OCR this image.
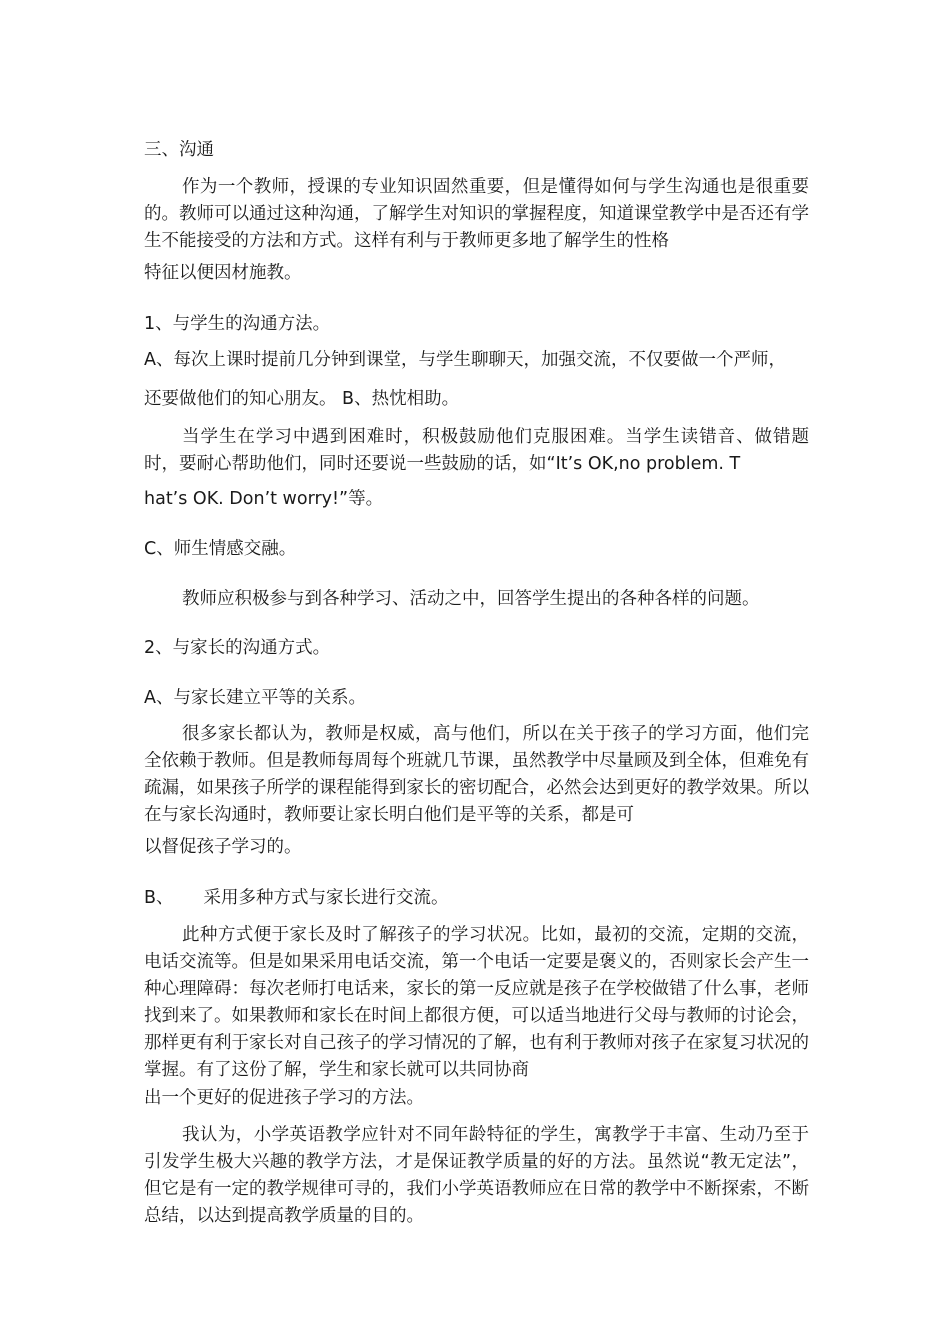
三、沟通

作为一个教师，授课的专业知识固然重要，但是懂得如何与学生沟通也是很重要的。教师可以通过这种沟通，了解学生对知识的掌握程度，知道课堂教学中是否还有学生不能接受的方法和方式。这样有利与于教师更多地了解学生的性格

特征以便因材施教。

1、与学生的沟通方法。

A、每次上课时提前几分钟到课堂，与学生聊聊天，加强交流，不仅要做一个严师，

还要做他们的知心朋友。 B、热忱相助。

当学生在学习中遇到困难时，积极鼓励他们克服困难。当学生读错音、做错题时，要耐心帮助他们，同时还要说一些鼓励的话，如“It’s OK,no problem. T

hat’s OK. Don’t worry!”等。

C、师生情感交融。

教师应积极参与到各种学习、活动之中，回答学生提出的各种各样的问题。

2、与家长的沟通方式。

A、与家长建立平等的关系。

很多家长都认为，教师是权威，高与他们，所以在关于孩子的学习方面，他们完全依赖于教师。但是教师每周每个班就几节课，虽然教学中尽量顾及到全体，但难免有疏漏，如果孩子所学的课程能得到家长的密切配合，必然会达到更好的教学效果。所以在与家长沟通时，教师要让家长明白他们是平等的关系，都是可

以督促孩子学习的。

B、 采用多种方式与家长进行交流。

此种方式便于家长及时了解孩子的学习状况。比如，最初的交流，定期的交流，电话交流等。但是如果采用电话交流，第一个电话一定要是褒义的，否则家长会产生一种心理障碍：每次老师打电话来，家长的第一反应就是孩子在学校做错了什么事，老师找到来了。如果教师和家长在时间上都很方便，可以适当地进行父母与教师的讨论会，那样更有利于家长对自己孩子的学习情况的了解，也有利于教师对孩子在家复习状况的掌握。有了这份了解，学生和家长就可以共同协商

出一个更好的促进孩子学习的方法。

我认为，小学英语教学应针对不同年龄特征的学生，寓教学于丰富、生动乃至于引发学生极大兴趣的教学方法，才是保证教学质量的好的方法。虽然说“教无定法”，但它是有一定的教学规律可寻的，我们小学英语教师应在日常的教学中不断探索，不断总结，以达到提高教学质量的目的。
